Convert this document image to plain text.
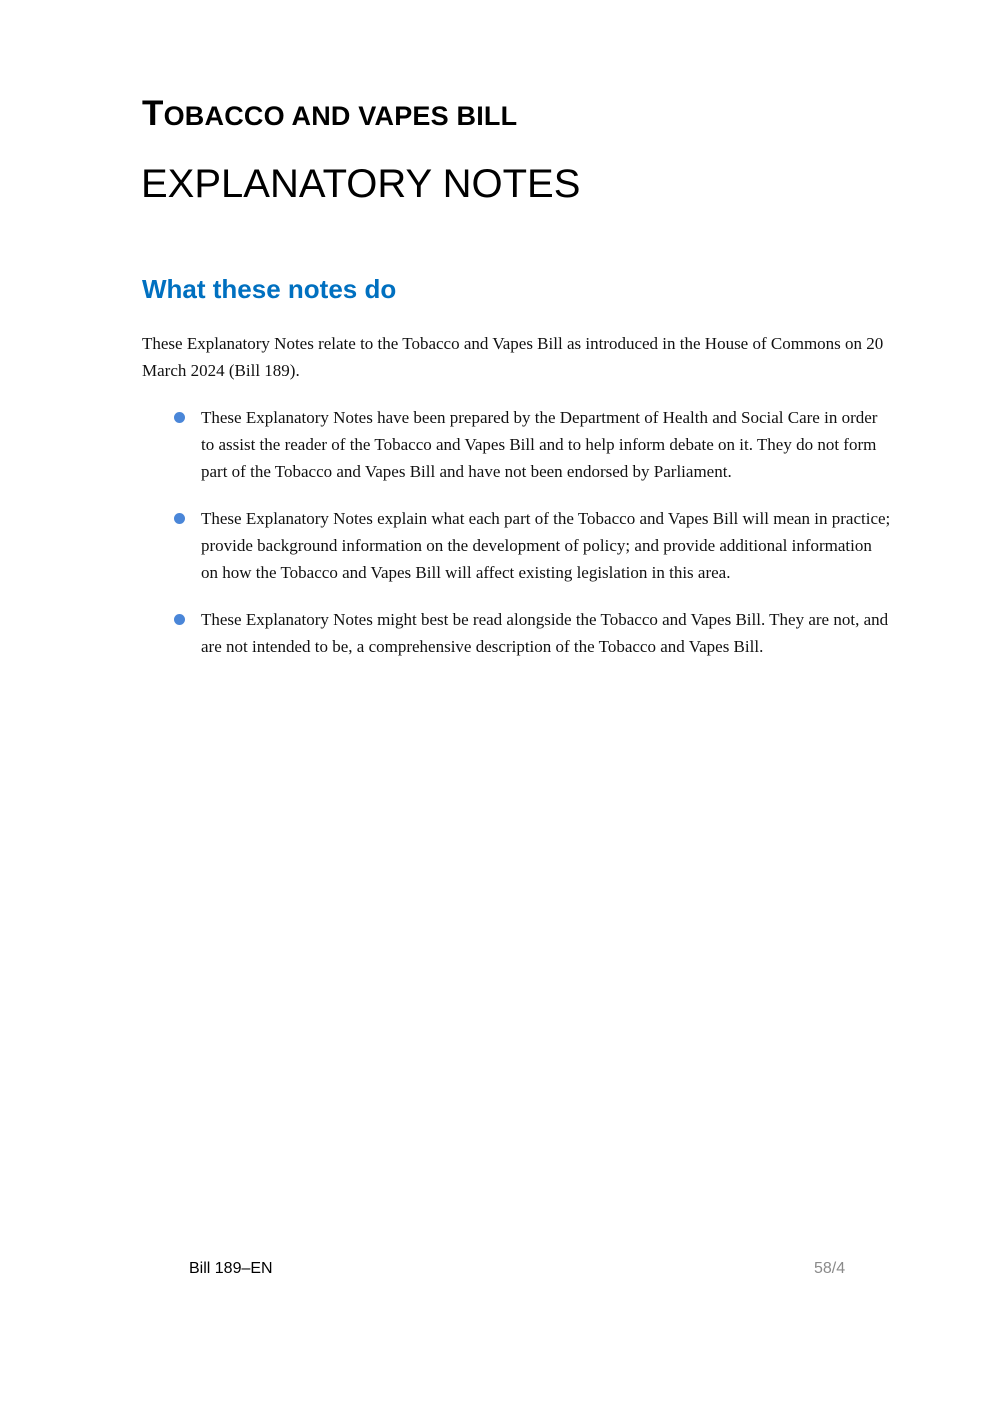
TOBACCO AND VAPES BILL
EXPLANATORY NOTES
What these notes do

These Explanatory Notes relate to the Tobacco and Vapes Bill as introduced in the House of Commons on 20 March 2024 (Bill 189).

These Explanatory Notes have been prepared by the Department of Health and Social Care in order to assist the reader of the Tobacco and Vapes Bill and to help inform debate on it. They do not form part of the Tobacco and Vapes Bill and have not been endorsed by Parliament.
These Explanatory Notes explain what each part of the Tobacco and Vapes Bill will mean in practice; provide background information on the development of policy; and provide additional information on how the Tobacco and Vapes Bill will affect existing legislation in this area.
These Explanatory Notes might best be read alongside the Tobacco and Vapes Bill. They are not, and are not intended to be, a comprehensive description of the Tobacco and Vapes Bill.
Bill 189–EN	58/4
